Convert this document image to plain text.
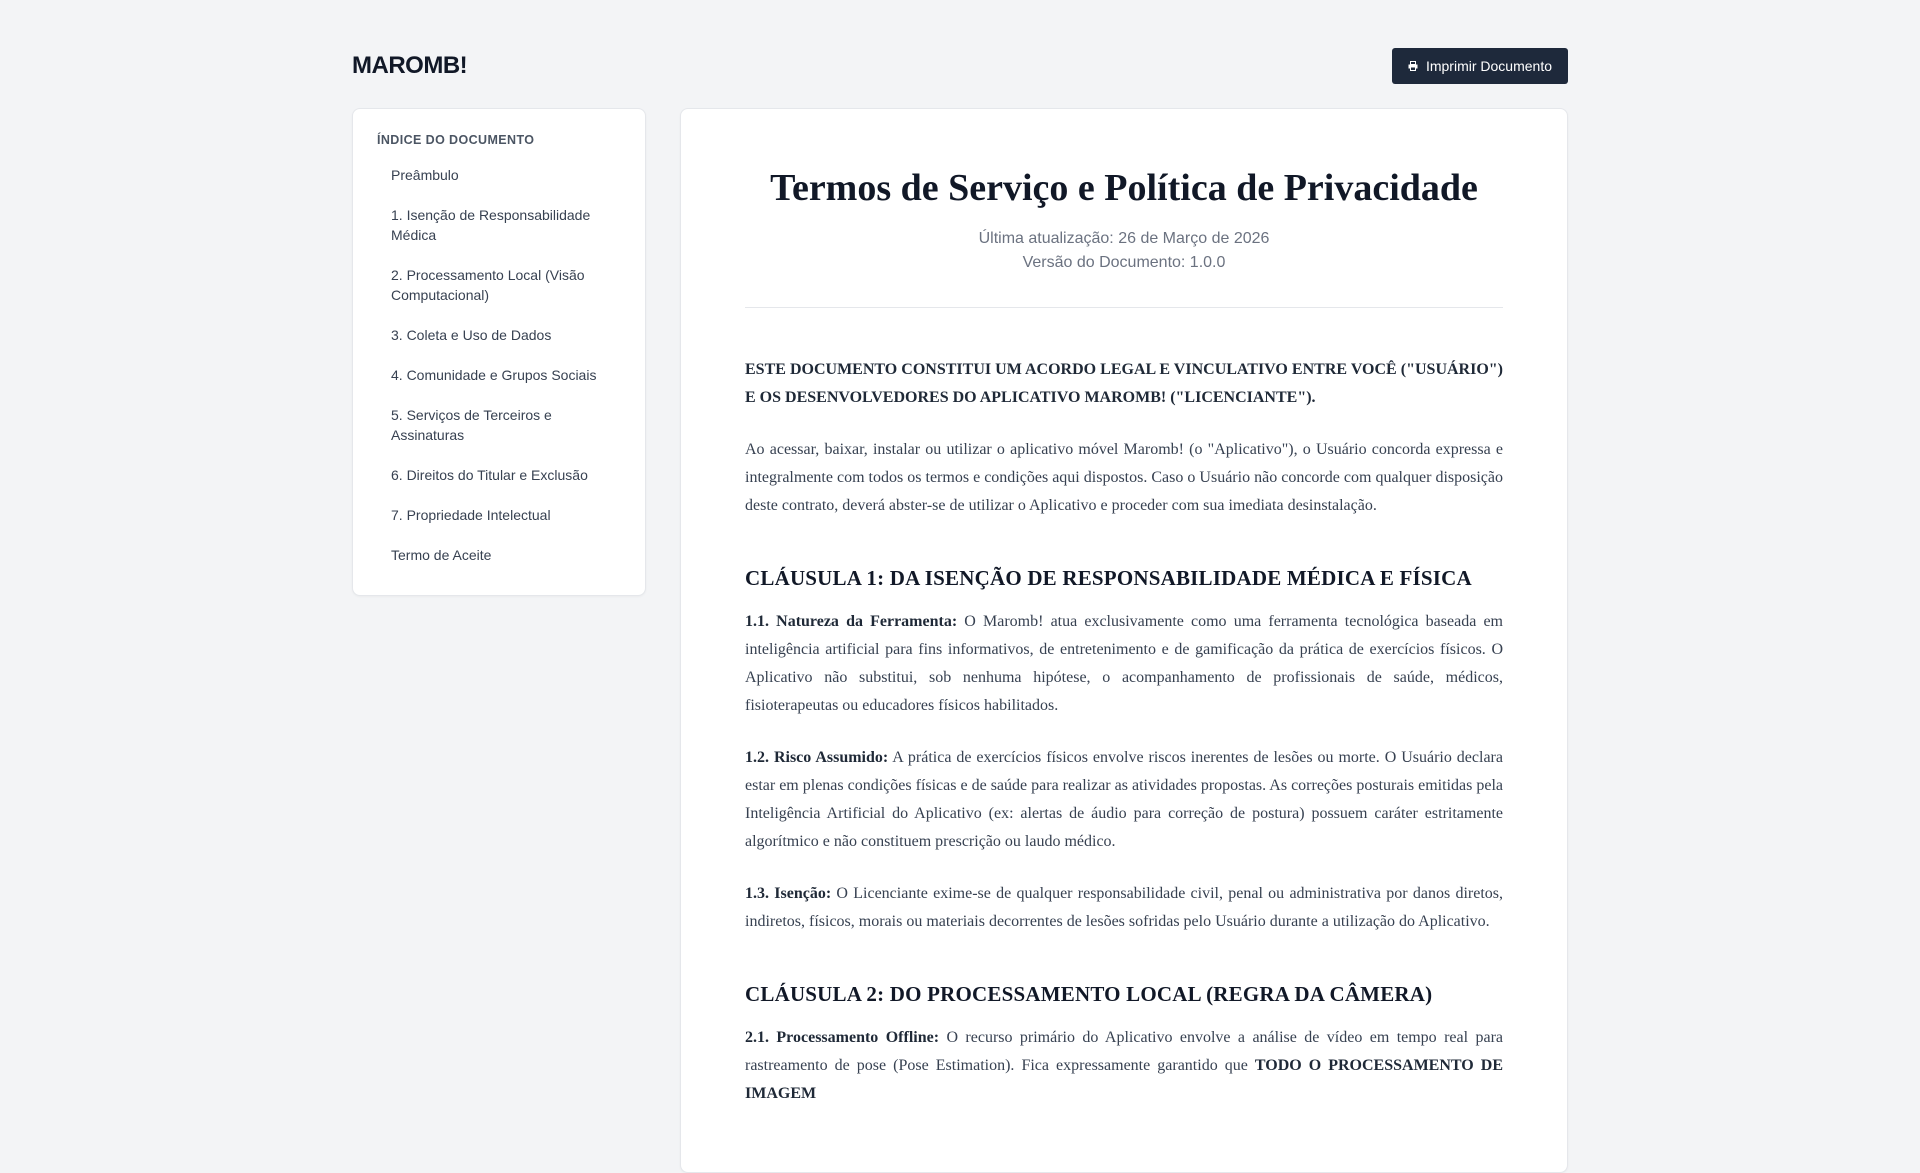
MAROMB!	Imprimir Documento
ÍNDICE DO DOCUMENTO
Preâmbulo
1. Isenção de Responsabilidade Médica
2. Processamento Local (Visão Computacional)
3. Coleta e Uso de Dados
4. Comunidade e Grupos Sociais
5. Serviços de Terceiros e Assinaturas
6. Direitos do Titular e Exclusão
7. Propriedade Intelectual
Termo de Aceite
Termos de Serviço e Política de Privacidade
Última atualização: 26 de Março de 2026
Versão do Documento: 1.0.0

ESTE DOCUMENTO CONSTITUI UM ACORDO LEGAL E VINCULATIVO ENTRE VOCÊ ("USUÁRIO") E OS DESENVOLVEDORES DO APLICATIVO MAROMB! ("LICENCIANTE").

Ao acessar, baixar, instalar ou utilizar o aplicativo móvel Maromb! (o "Aplicativo"), o Usuário concorda expressa e integralmente com todos os termos e condições aqui dispostos. Caso o Usuário não concorde com qualquer disposição deste contrato, deverá abster-se de utilizar o Aplicativo e proceder com sua imediata desinstalação.

CLÁUSULA 1: DA ISENÇÃO DE RESPONSABILIDADE MÉDICA E FÍSICA

1.1. Natureza da Ferramenta: O Maromb! atua exclusivamente como uma ferramenta tecnológica baseada em inteligência artificial para fins informativos, de entretenimento e de gamificação da prática de exercícios físicos. O Aplicativo não substitui, sob nenhuma hipótese, o acompanhamento de profissionais de saúde, médicos, fisioterapeutas ou educadores físicos habilitados.

1.2. Risco Assumido: A prática de exercícios físicos envolve riscos inerentes de lesões ou morte. O Usuário declara estar em plenas condições físicas e de saúde para realizar as atividades propostas. As correções posturais emitidas pela Inteligência Artificial do Aplicativo (ex: alertas de áudio para correção de postura) possuem caráter estritamente algorítmico e não constituem prescrição ou laudo médico.

1.3. Isenção: O Licenciante exime-se de qualquer responsabilidade civil, penal ou administrativa por danos diretos, indiretos, físicos, morais ou materiais decorrentes de lesões sofridas pelo Usuário durante a utilização do Aplicativo.

CLÁUSULA 2: DO PROCESSAMENTO LOCAL (REGRA DA CÂMERA)

2.1. Processamento Offline: O recurso primário do Aplicativo envolve a análise de vídeo em tempo real para rastreamento de pose (Pose Estimation). Fica expressamente garantido que TODO O PROCESSAMENTO DE IMAGEM
